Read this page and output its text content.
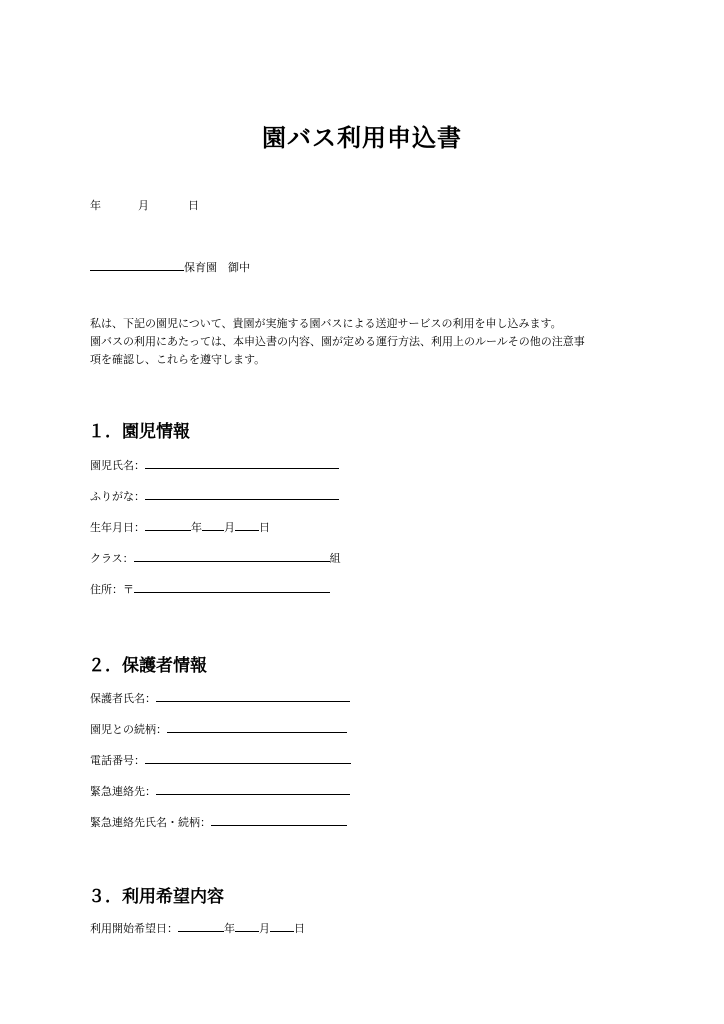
園バス利用申込書
年	月	日
保育園　御中

私は、下記の園児について、貴園が実施する園バスによる送迎サービスの利用を申し込みます。

園バスの利用にあたっては、本申込書の内容、園が定める運行方法、利用上のルールその他の注意事

項を確認し、これらを遵守します。

１．園児情報
園児氏名：
ふりがな：
生年月日：	年 月 日
クラス：	組
住所：〒
２．保護者情報
保護者氏名：
園児との続柄：
電話番号：
緊急連絡先：
緊急連絡先氏名・続柄：
３．利用希望内容
利用開始希望日：	年 月 日
